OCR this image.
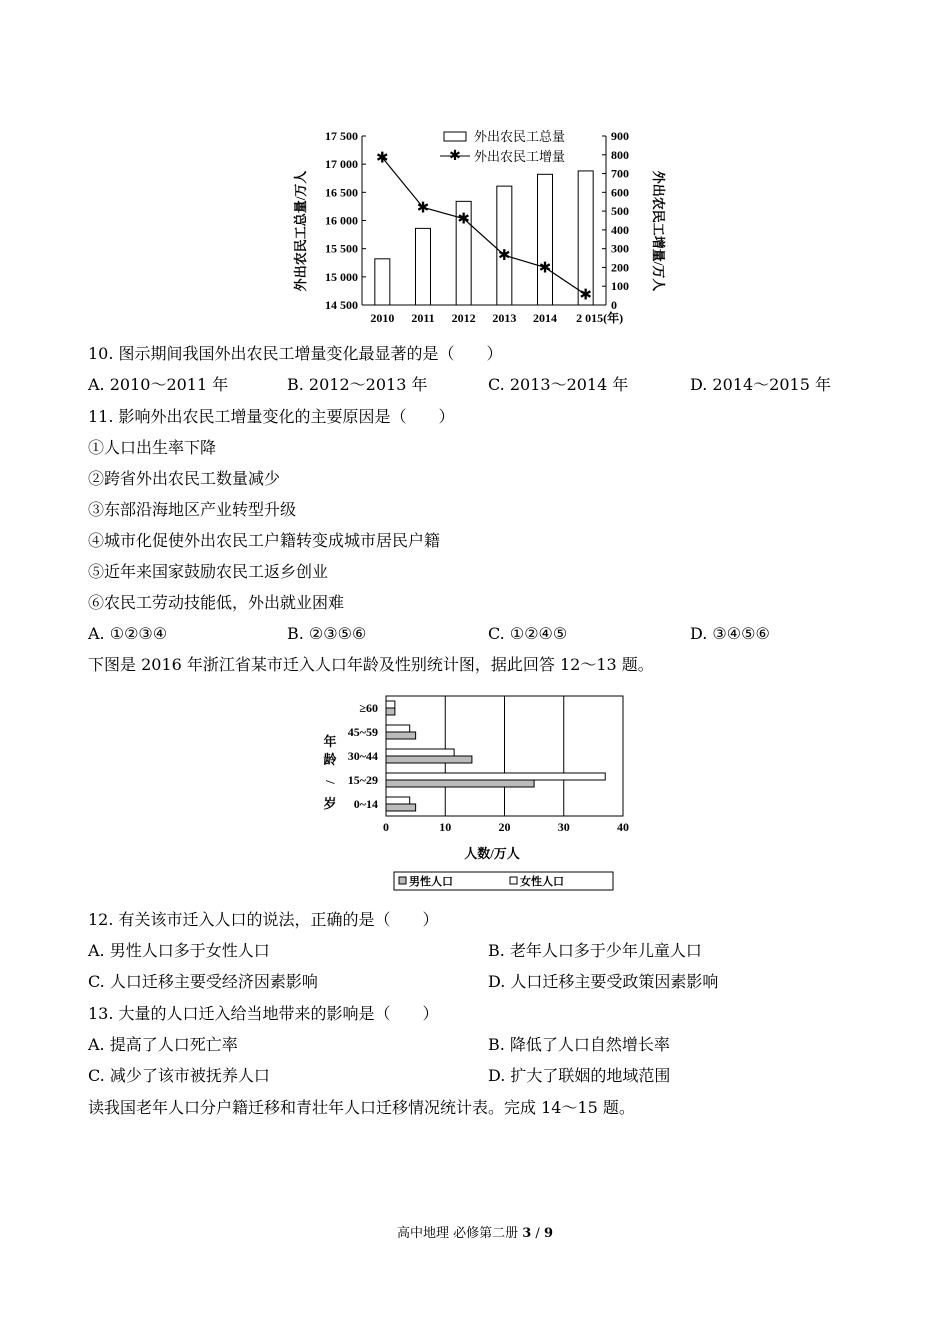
14 500
15 000
15 500
16 000
16 500
17 000
17 500
0
100
200
300
400
500
600
700
800
900
2010 2011 2012 2013 2014 2 015(年)
✱
✱
✱
✱
✱
✱
外出农民工总量
✱ 外出农民工增量
外出农民工总量/万人	外出农民工增量/万人
10. 图示期间我国外出农民工增量变化最显著的是（　　）
A. 2010～2011 年	B. 2012～2013 年	C. 2013～2014 年	D. 2014～2015 年
11. 影响外出农民工增量变化的主要原因是（　　）
①人口出生率下降
②跨省外出农民工数量减少
③东部沿海地区产业转型升级
④城市化促使外出农民工户籍转变成城市居民户籍
⑤近年来国家鼓励农民工返乡创业
⑥农民工劳动技能低，外出就业困难
A. ①②③④	B. ②③⑤⑥	C. ①②④⑤	D. ③④⑤⑥
下图是 2016 年浙江省某市迁入人口年龄及性别统计图，据此回答 12～13 题。
0	10	20	30	40
≥60
45~59
30~44
15~29
0~14
人数/万人
年
龄
/
岁
男性人口	女性人口
12. 有关该市迁入人口的说法，正确的是（　　）
A. 男性人口多于女性人口	B. 老年人口多于少年儿童人口
C. 人口迁移主要受经济因素影响	D. 人口迁移主要受政策因素影响
13. 大量的人口迁入给当地带来的影响是（　　）
A. 提高了人口死亡率	B. 降低了人口自然增长率
C. 减少了该市被抚养人口	D. 扩大了联姻的地域范围
读我国老年人口分户籍迁移和青壮年人口迁移情况统计表。完成 14～15 题。
高中地理 必修第二册 3 / 9
